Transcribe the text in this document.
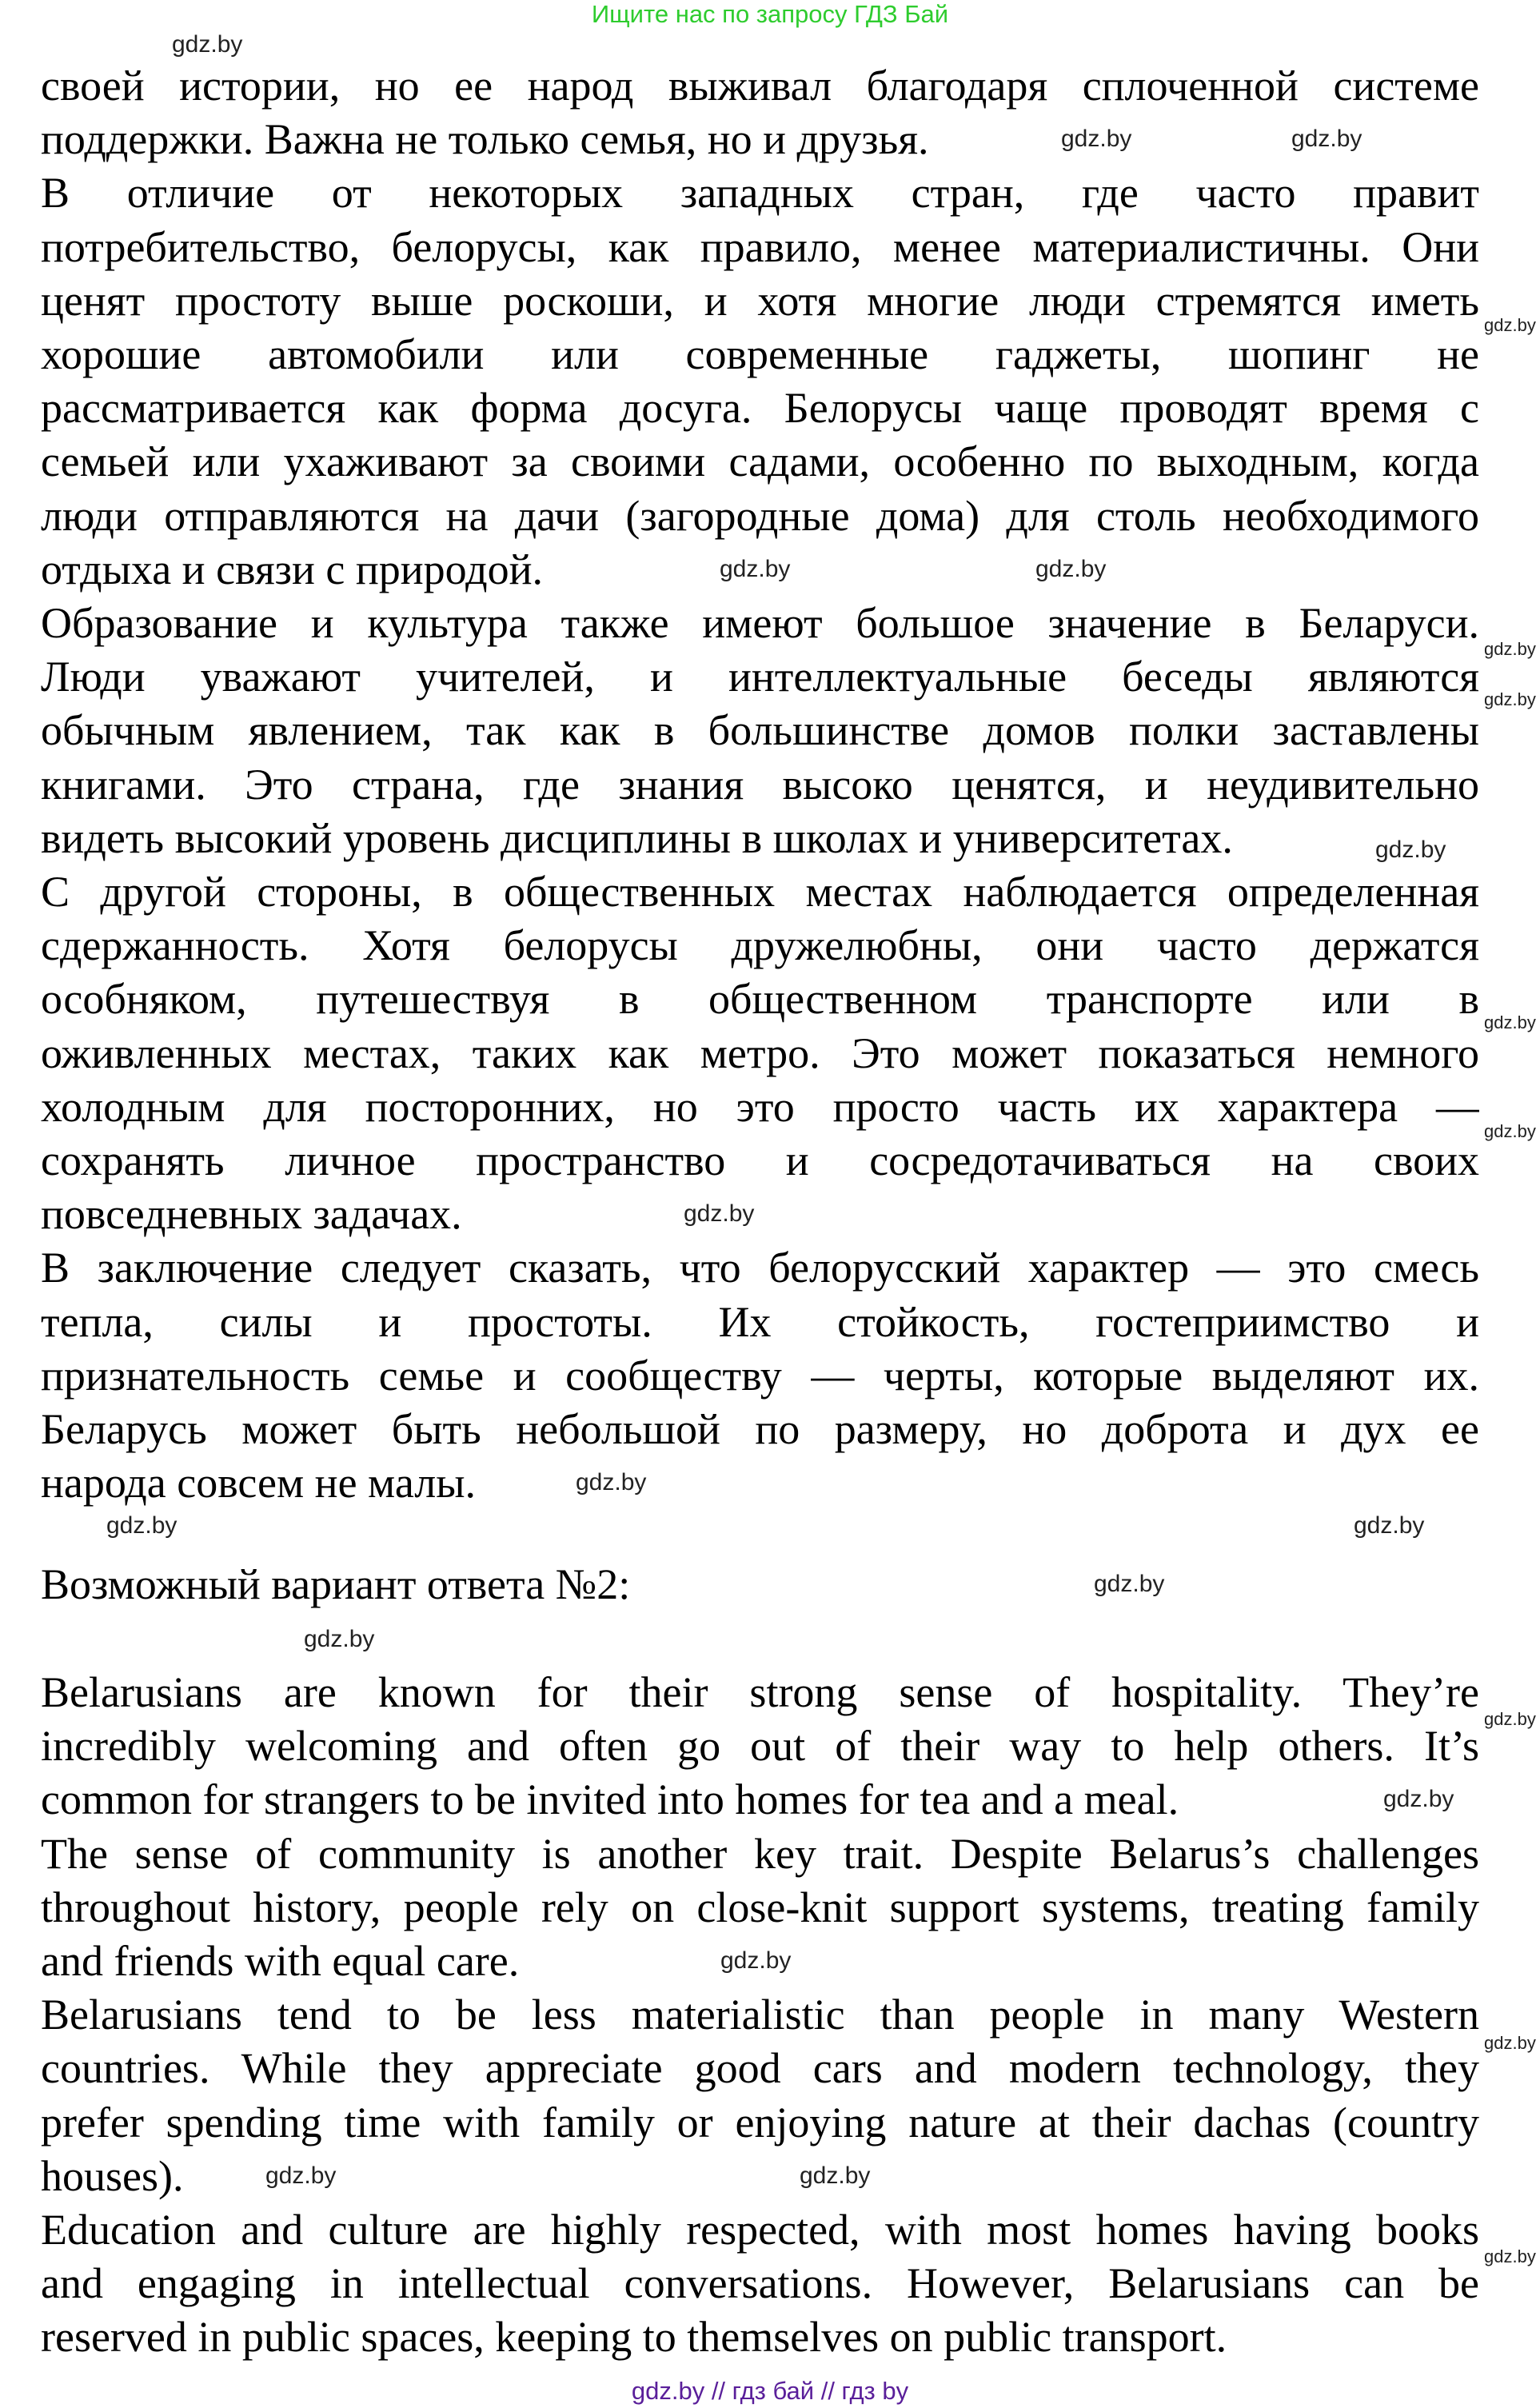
Ищите нас по запросу ГДЗ Бай
своей истории, но ее народ выживал благодаря сплоченной системе
поддержки. Важна не только семья, но и друзья.
В отличие от некоторых западных стран, где часто правит
потребительство, белорусы, как правило, менее материалистичны. Они
ценят простоту выше роскоши, и хотя многие люди стремятся иметь
хорошие автомобили или современные гаджеты, шопинг не
рассматривается как форма досуга. Белорусы чаще проводят время с
семьей или ухаживают за своими садами, особенно по выходным, когда
люди отправляются на дачи (загородные дома) для столь необходимого
отдыха и связи с природой.
Образование и культура также имеют большое значение в Беларуси.
Люди уважают учителей, и интеллектуальные беседы являются
обычным явлением, так как в большинстве домов полки заставлены
книгами. Это страна, где знания высоко ценятся, и неудивительно
видеть высокий уровень дисциплины в школах и университетах.
С другой стороны, в общественных местах наблюдается определенная
сдержанность. Хотя белорусы дружелюбны, они часто держатся
особняком, путешествуя в общественном транспорте или в
оживленных местах, таких как метро. Это может показаться немного
холодным для посторонних, но это просто часть их характера —
сохранять личное пространство и сосредотачиваться на своих
повседневных задачах.
В заключение следует сказать, что белорусский характер — это смесь
тепла, силы и простоты. Их стойкость, гостеприимство и
признательность семье и сообществу — черты, которые выделяют их.
Беларусь может быть небольшой по размеру, но доброта и дух ее
народа совсем не малы.
Возможный вариант ответа №2:
Belarusians are known for their strong sense of hospitality. They’re
incredibly welcoming and often go out of their way to help others. It’s
common for strangers to be invited into homes for tea and a meal.
The sense of community is another key trait. Despite Belarus’s challenges
throughout history, people rely on close-knit support systems, treating family
and friends with equal care.
Belarusians tend to be less materialistic than people in many Western
countries. While they appreciate good cars and modern technology, they
prefer spending time with family or enjoying nature at their dachas (country
houses).
Education and culture are highly respected, with most homes having books
and engaging in intellectual conversations. However, Belarusians can be
reserved in public spaces, keeping to themselves on public transport.
gdz.by
gdz.by	gdz.by
gdz.by
gdz.by
gdz.by
gdz.by
gdz.by
gdz.by
gdz.by
gdz.by
gdz.by
gdz.by
gdz.by
gdz.by
gdz.by
gdz.by
gdz.by
gdz.by
gdz.by
gdz.by
gdz.by
gdz.by	gdz.by
gdz.by // гдз бай // гдз by
